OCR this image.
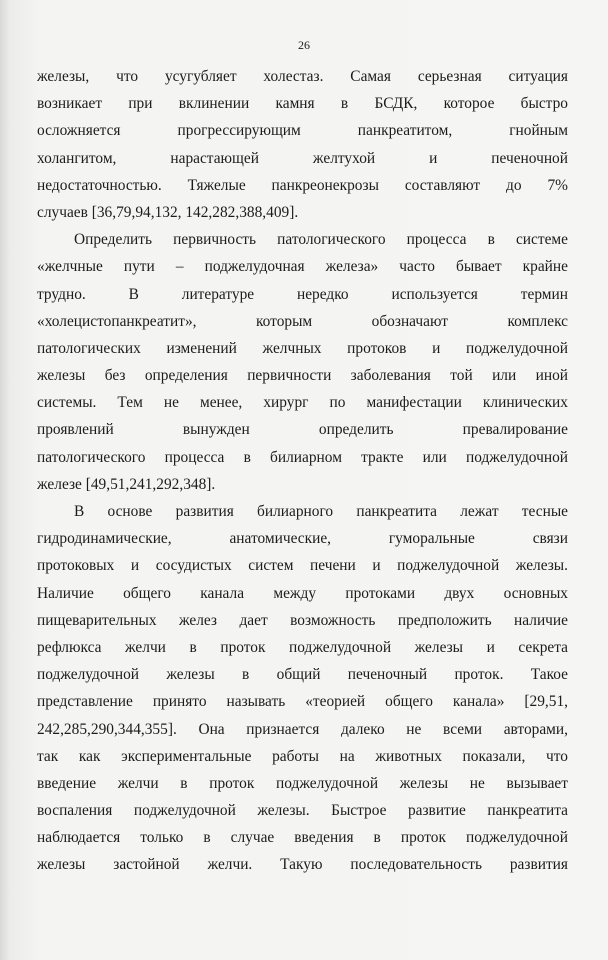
26
железы, что усугубляет холестаз. Самая серьезная ситуация
возникает при вклинении камня в БСДК, которое быстро
осложняется прогрессирующим панкреатитом, гнойным
холангитом, нарастающей желтухой и печеночной
недостаточностью. Тяжелые панкреонекрозы составляют до 7%
случаев [36,79,94,132, 142,282,388,409].
Определить первичность патологического процесса в системе
«желчные пути – поджелудочная железа» часто бывает крайне
трудно. В литературе нередко используется термин
«холецистопанкреатит», которым обозначают комплекс
патологических изменений желчных протоков и поджелудочной
железы без определения первичности заболевания той или иной
системы. Тем не менее, хирург по манифестации клинических
проявлений вынужден определить превалирование
патологического процесса в билиарном тракте или поджелудочной
железе [49,51,241,292,348].
В основе развития билиарного панкреатита лежат тесные
гидродинамические, анатомические, гуморальные связи
протоковых и сосудистых систем печени и поджелудочной железы.
Наличие общего канала между протоками двух основных
пищеварительных желез дает возможность предположить наличие
рефлюкса желчи в проток поджелудочной железы и секрета
поджелудочной железы в общий печеночный проток. Такое
представление принято называть «теорией общего канала» [29,51,
242,285,290,344,355]. Она признается далеко не всеми авторами,
так как экспериментальные работы на животных показали, что
введение желчи в проток поджелудочной железы не вызывает
воспаления поджелудочной железы. Быстрое развитие панкреатита
наблюдается только в случае введения в проток поджелудочной
железы застойной желчи. Такую последовательность развития
